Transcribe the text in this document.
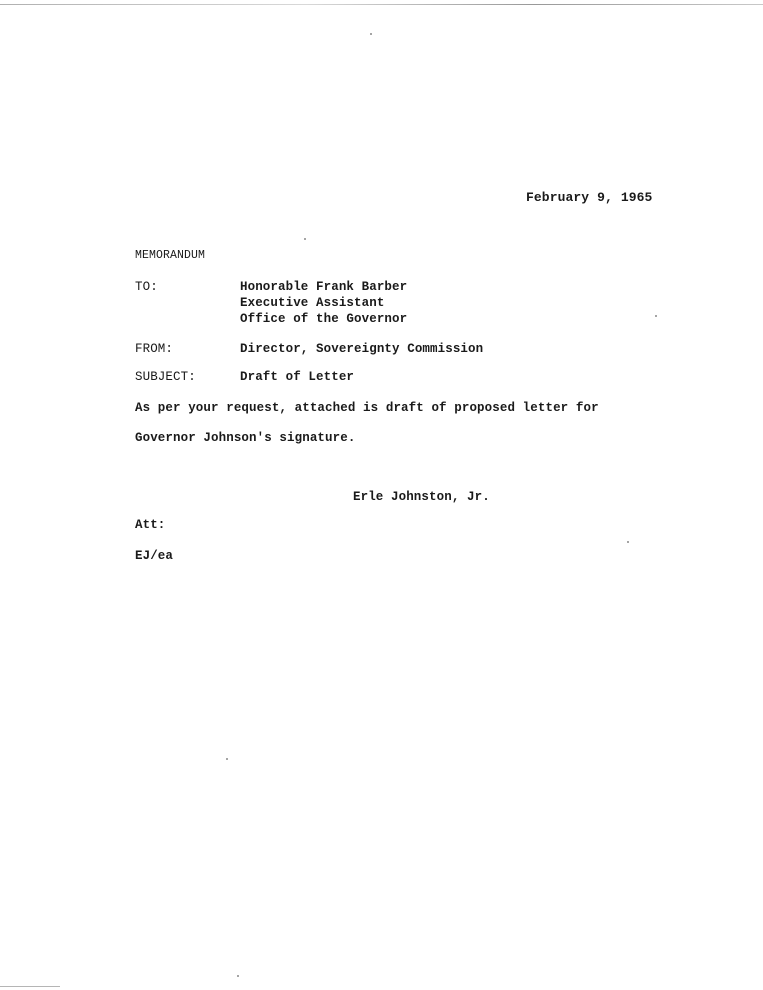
February 9, 1965
MEMORANDUM
TO:	Honorable Frank Barber
Executive Assistant
Office of the Governor
FROM:	Director, Sovereignty Commission
SUBJECT:	Draft of Letter
As per your request, attached is draft of proposed letter for
Governor Johnson's signature.
Erle Johnston, Jr.
Att:
EJ/ea
